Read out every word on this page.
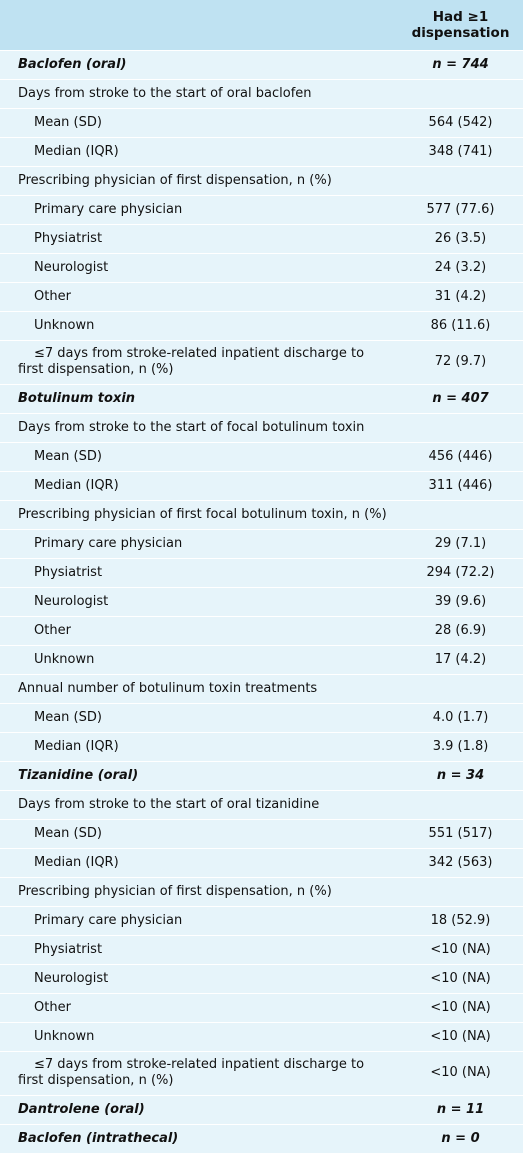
	Had ≥1 dispensation

Baclofen (oral)	n = 744

Days from stroke to the start of oral baclofen	

Mean (SD)	564 (542)

Median (IQR)	348 (741)

Prescribing physician of first dispensation, n (%)	

Primary care physician	577 (77.6)

Physiatrist	26 (3.5)

Neurologist	24 (3.2)

Other	31 (4.2)

Unknown	86 (11.6)

≤7 days from stroke-related inpatient discharge to first dispensation, n (%)	72 (9.7)

Botulinum toxin	n = 407

Days from stroke to the start of focal botulinum toxin	

Mean (SD)	456 (446)

Median (IQR)	311 (446)

Prescribing physician of first focal botulinum toxin, n (%)	

Primary care physician	29 (7.1)

Physiatrist	294 (72.2)

Neurologist	39 (9.6)

Other	28 (6.9)

Unknown	17 (4.2)

Annual number of botulinum toxin treatments	

Mean (SD)	4.0 (1.7)

Median (IQR)	3.9 (1.8)

Tizanidine (oral)	n = 34

Days from stroke to the start of oral tizanidine	

Mean (SD)	551 (517)

Median (IQR)	342 (563)

Prescribing physician of first dispensation, n (%)	

Primary care physician	18 (52.9)

Physiatrist	<10 (NA)

Neurologist	<10 (NA)

Other	<10 (NA)

Unknown	<10 (NA)

≤7 days from stroke-related inpatient discharge to first dispensation, n (%)	<10 (NA)

Dantrolene (oral)	n = 11

Baclofen (intrathecal)	n = 0
